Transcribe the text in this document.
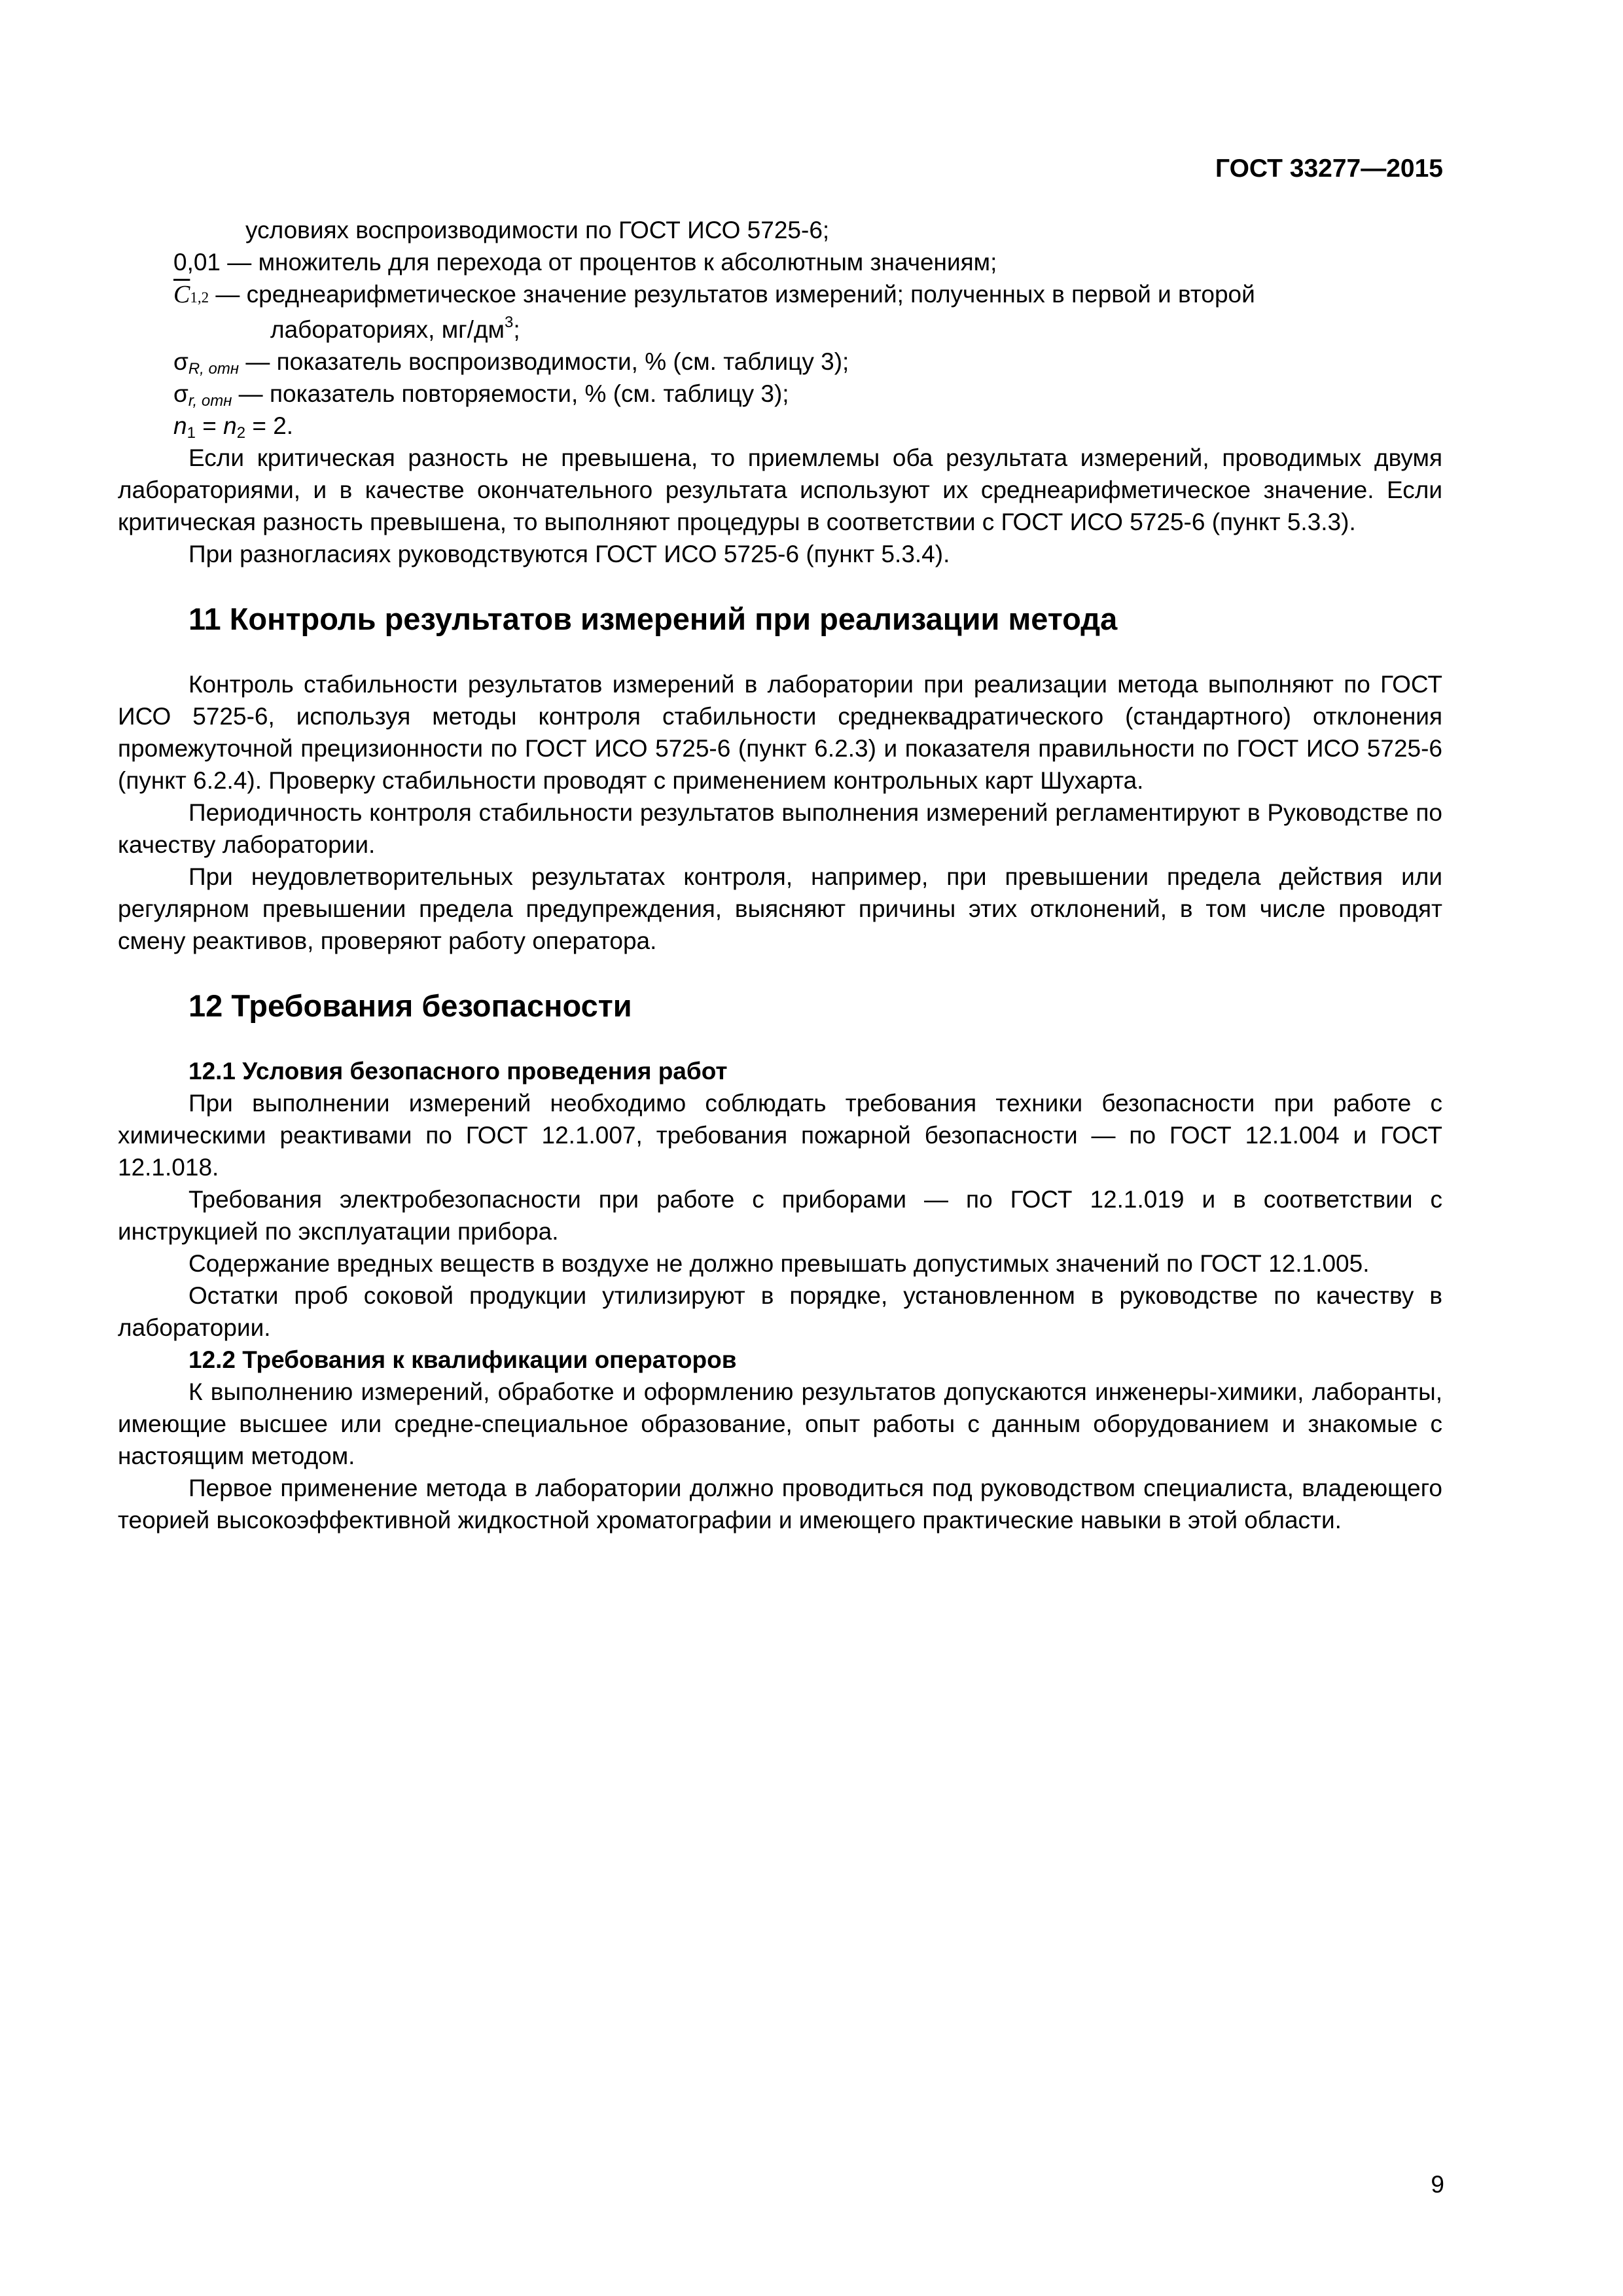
ГОСТ 33277—2015

условиях воспроизводимости по ГОСТ ИСО 5725-6;

0,01 — множитель для перехода от процентов к абсолютным значениям;

$\overline{C}1,2$ — среднеарифметическое значение результатов измерений; полученных в первой и второй

лабораториях, $мг/дм^3$;

$\sigma_{R, отн}$ — показатель воспроизводимости, % (см. таблицу 3);

$\sigma_{r, отн}$ — показатель повторяемости, % (см. таблицу 3);

$n_1 = n_2 = 2$.

Если критическая разность не превышена, то приемлемы оба результата измерений, проводимых двумя лабораториями, и в качестве окончательного результата используют их среднеарифметическое значение. Если критическая разность превышена, то выполняют процедуры в соответствии с ГОСТ ИСО 5725-6 (пункт 5.3.3).

При разногласиях руководствуются ГОСТ ИСО 5725-6 (пункт 5.3.4).

11 Контроль результатов измерений при реализации метода

Контроль стабильности результатов измерений в лаборатории при реализации метода выполняют по ГОСТ ИСО 5725-6, используя методы контроля стабильности среднеквадратического (стандартного) отклонения промежуточной прецизионности по ГОСТ ИСО 5725-6 (пункт 6.2.3) и показателя правильности по ГОСТ ИСО 5725-6 (пункт 6.2.4). Проверку стабильности проводят с применением контрольных карт Шухарта.

Периодичность контроля стабильности результатов выполнения измерений регламентируют в Руководстве по качеству лаборатории.

При неудовлетворительных результатах контроля, например, при превышении предела действия или регулярном превышении предела предупреждения, выясняют причины этих отклонений, в том числе проводят смену реактивов, проверяют работу оператора.

12 Требования безопасности
12.1 Условия безопасного проведения работ

При выполнении измерений необходимо соблюдать требования техники безопасности при работе с химическими реактивами по ГОСТ 12.1.007, требования пожарной безопасности — по ГОСТ 12.1.004 и ГОСТ 12.1.018.

Требования электробезопасности при работе с приборами — по ГОСТ 12.1.019 и в соответствии с инструкцией по эксплуатации прибора.

Содержание вредных веществ в воздухе не должно превышать допустимых значений по ГОСТ 12.1.005.

Остатки проб соковой продукции утилизируют в порядке, установленном в руководстве по качеству в лаборатории.

12.2 Требования к квалификации операторов

К выполнению измерений, обработке и оформлению результатов допускаются инженеры-химики, лаборанты, имеющие высшее или средне-специальное образование, опыт работы с данным оборудованием и знакомые с настоящим методом.

Первое применение метода в лаборатории должно проводиться под руководством специалиста, владеющего теорией высокоэффективной жидкостной хроматографии и имеющего практические навыки в этой области.

9
